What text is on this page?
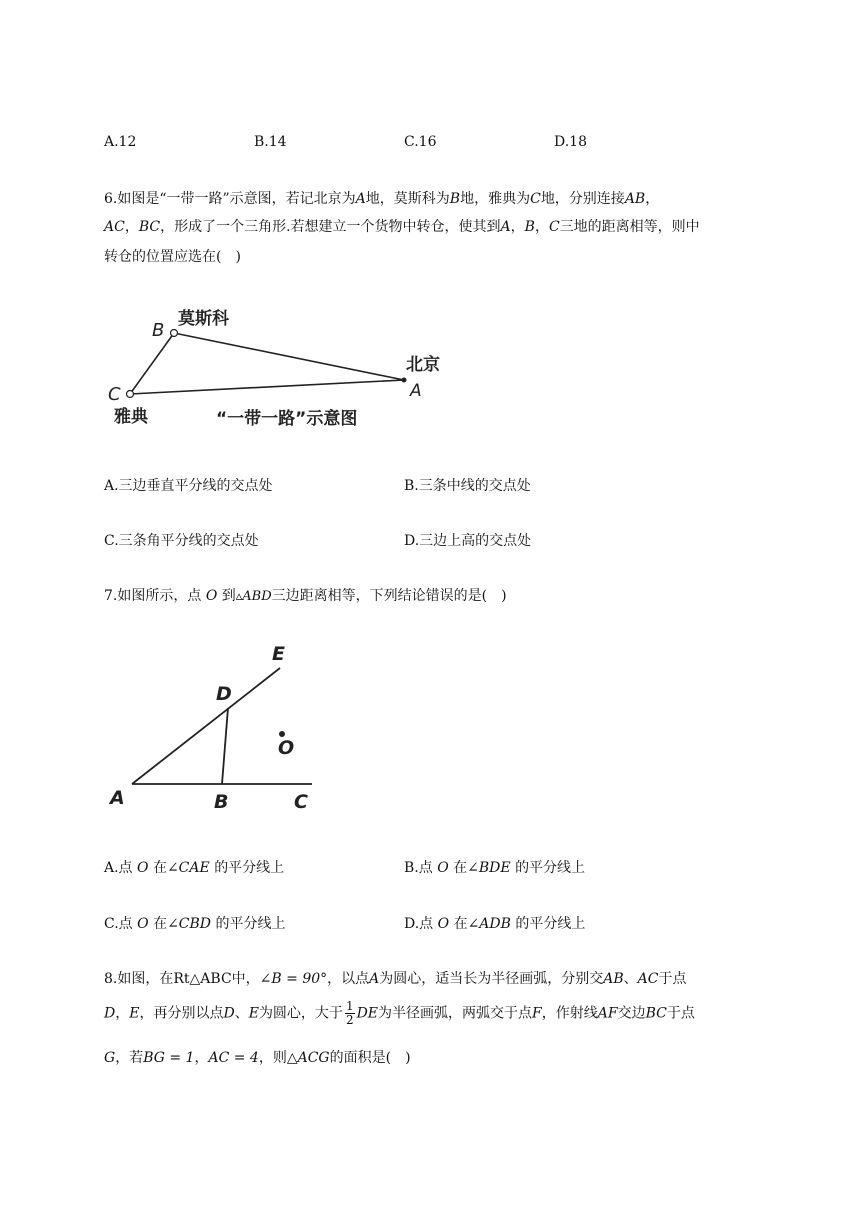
A.12	B.14	C.16	D.18
6.如图是“一带一路”示意图，若记北京为A地，莫斯科为B地，雅典为C地，分别连接AB，
AC，BC，形成了一个三角形.若想建立一个货物中转仓，使其到A，B，C三地的距离相等，则中
转仓的位置应选在(　)
B
C	A
莫斯科
北京
雅典	“一带一路”示意图
A.三边垂直平分线的交点处	B.三条中线的交点处
C.三条角平分线的交点处	D.三边上高的交点处
7.如图所示，点 O 到▵ABD三边距离相等，下列结论错误的是(　)
E
D
O
A	B	C
A.点 O 在∠CAE 的平分线上	B.点 O 在∠BDE 的平分线上
C.点 O 在∠CBD 的平分线上	D.点 O 在∠ADB 的平分线上
8.如图，在Rt△ABC中，∠B = 90°，以点A为圆心，适当长为半径画弧，分别交AB、AC于点
D，E，再分别以点D、E为圆心，大于 $\frac{1}{2}$ DE为半径画弧，两弧交于点F，作射线AF交边BC于点
G，若BG = 1，AC = 4，则△ACG的面积是(　)
